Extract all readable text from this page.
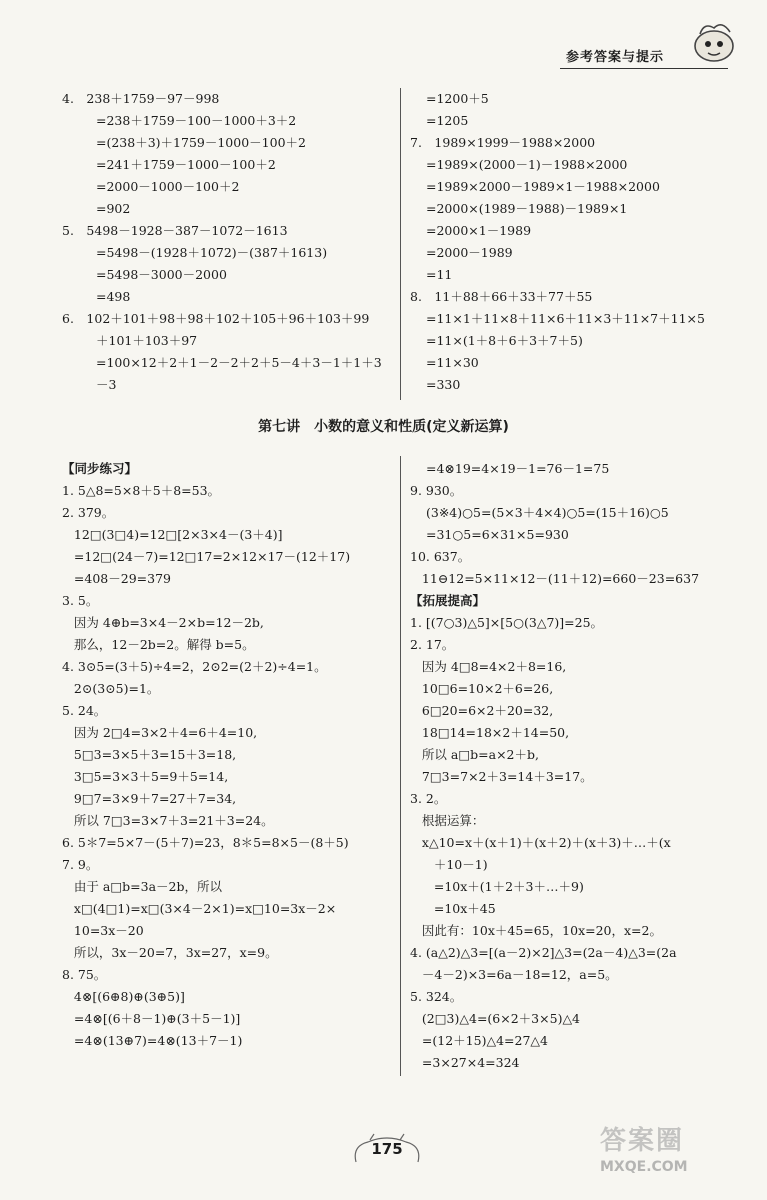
参考答案与提示
4.　238＋1759－97－998
=238＋1759－100－1000＋3＋2
=(238＋3)＋1759－1000－100＋2
=241＋1759－1000－100＋2
=2000－1000－100＋2
=902
5.　5498－1928－387－1072－1613
=5498－(1928＋1072)－(387＋1613)
=5498－3000－2000
=498
6.　102＋101＋98＋98＋102＋105＋96＋103＋99
＋101＋103＋97
=100×12＋2＋1－2－2＋2＋5－4＋3－1＋1＋3
－3
=1200＋5
=1205
7.　1989×1999－1988×2000
=1989×(2000－1)－1988×2000
=1989×2000－1989×1－1988×2000
=2000×(1989－1988)－1989×1
=2000×1－1989
=2000－1989
=11
8.　11＋88＋66＋33＋77＋55
=11×1＋11×8＋11×6＋11×3＋11×7＋11×5
=11×(1＋8＋6＋3＋7＋5)
=11×30
=330
第七讲　小数的意义和性质(定义新运算)
【同步练习】
1. 5△8=5×8＋5＋8=53。
2. 379。
12□(3□4)=12□[2×3×4－(3＋4)]
=12□(24－7)=12□17=2×12×17－(12＋17)
=408－29=379
3. 5。
因为 4⊕b=3×4－2×b=12－2b,
那么，12－2b=2。解得 b=5。
4. 3⊙5=(3＋5)÷4=2，2⊙2=(2＋2)÷4=1。
2⊙(3⊙5)=1。
5. 24。
因为 2□4=3×2＋4=6＋4=10,
5□3=3×5＋3=15＋3=18,
3□5=3×3＋5=9＋5=14,
9□7=3×9＋7=27＋7=34,
所以 7□3=3×7＋3=21＋3=24。
6. 5＊7=5×7－(5＋7)=23，8＊5=8×5－(8＋5)
7. 9。
由于 a□b=3a－2b，所以
x□(4□1)=x□(3×4－2×1)=x□10=3x－2×
10=3x－20
所以，3x－20=7，3x=27，x=9。
8. 75。
4⊗[(6⊕8)⊕(3⊕5)]
=4⊗[(6＋8－1)⊕(3＋5－1)]
=4⊗(13⊕7)=4⊗(13＋7－1)
=4⊗19=4×19－1=76－1=75
9. 930。
(3※4)○5=(5×3＋4×4)○5=(15＋16)○5
=31○5=6×31×5=930
10. 637。
11⊖12=5×11×12－(11＋12)=660－23=637
【拓展提高】
1. [(7○3)△5]×[5○(3△7)]=25。
2. 17。
因为 4□8=4×2＋8=16,
10□6=10×2＋6=26,
6□20=6×2＋20=32,
18□14=18×2＋14=50,
所以 a□b=a×2＋b,
7□3=7×2＋3=14＋3=17。
3. 2。
根据运算：
x△10=x＋(x＋1)＋(x＋2)＋(x＋3)＋…＋(x
＋10－1)
=10x＋(1＋2＋3＋…＋9)
=10x＋45
因此有：10x＋45=65，10x=20，x=2。
4. (a△2)△3=[(a－2)×2]△3=(2a－4)△3=(2a
－4－2)×3=6a－18=12，a=5。
5. 324。
(2□3)△4=(6×2＋3×5)△4
=(12＋15)△4=27△4
=3×27×4=324
175	答案圈
MXQE.COM
